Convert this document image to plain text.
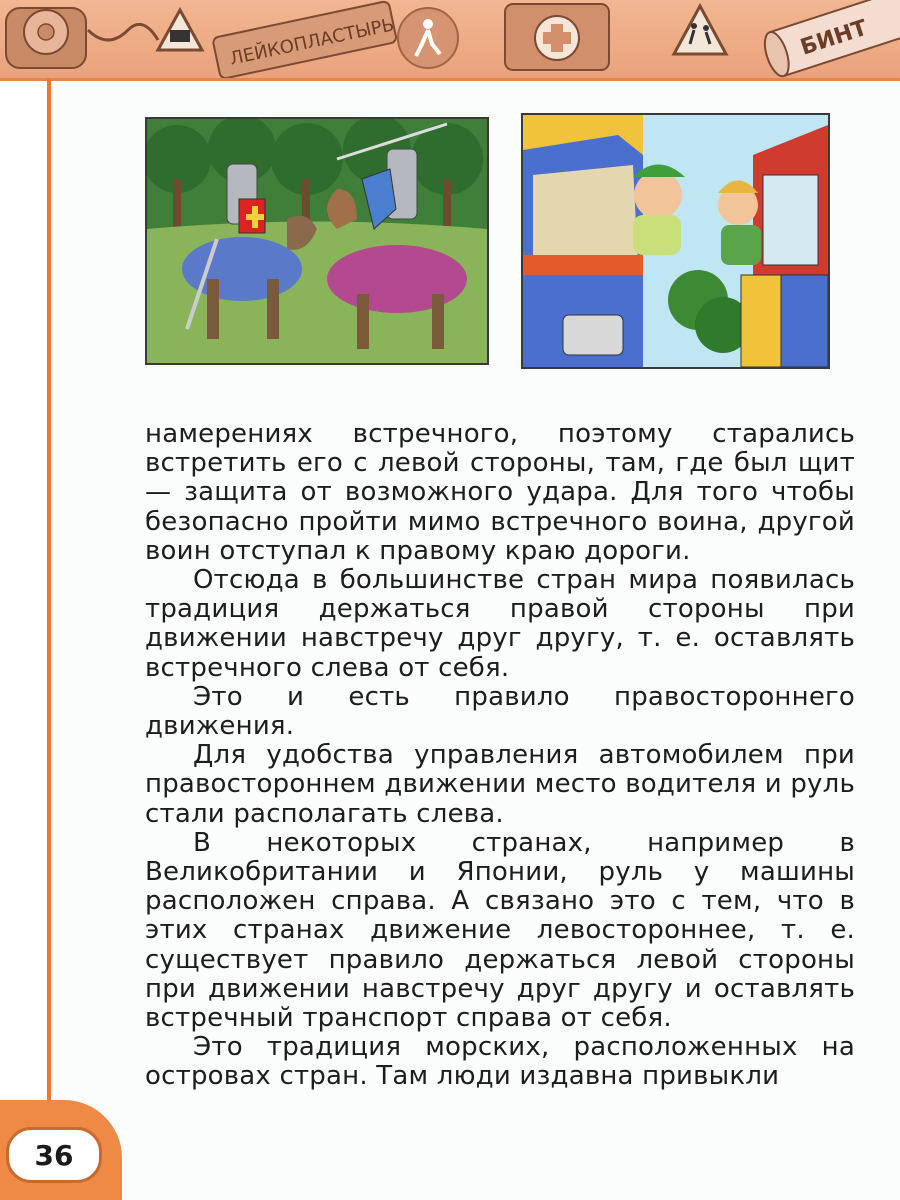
ЛЕЙКОПЛАСТЫРЬ	БИНТ

намерениях встречного, поэтому старались встретить его с левой стороны, там, где был щит — защита от возможного удара. Для того чтобы безопасно пройти мимо встречного воина, другой воин отступал к правому краю дороги.

Отсюда в большинстве стран мира появилась традиция держаться правой стороны при движении навстречу друг другу, т. е. оставлять встречного слева от себя.

Это и есть правило правостороннего движения.

Для удобства управления автомобилем при правостороннем движении место водителя и руль стали располагать слева.

В некоторых странах, например в Великобритании и Японии, руль у машины расположен справа. А связано это с тем, что в этих странах движение левостороннее, т. е. существует правило держаться левой стороны при движении навстречу друг другу и оставлять встречный транспорт справа от себя.

Это традиция морских, расположенных на островах стран. Там люди издавна привыкли

36
